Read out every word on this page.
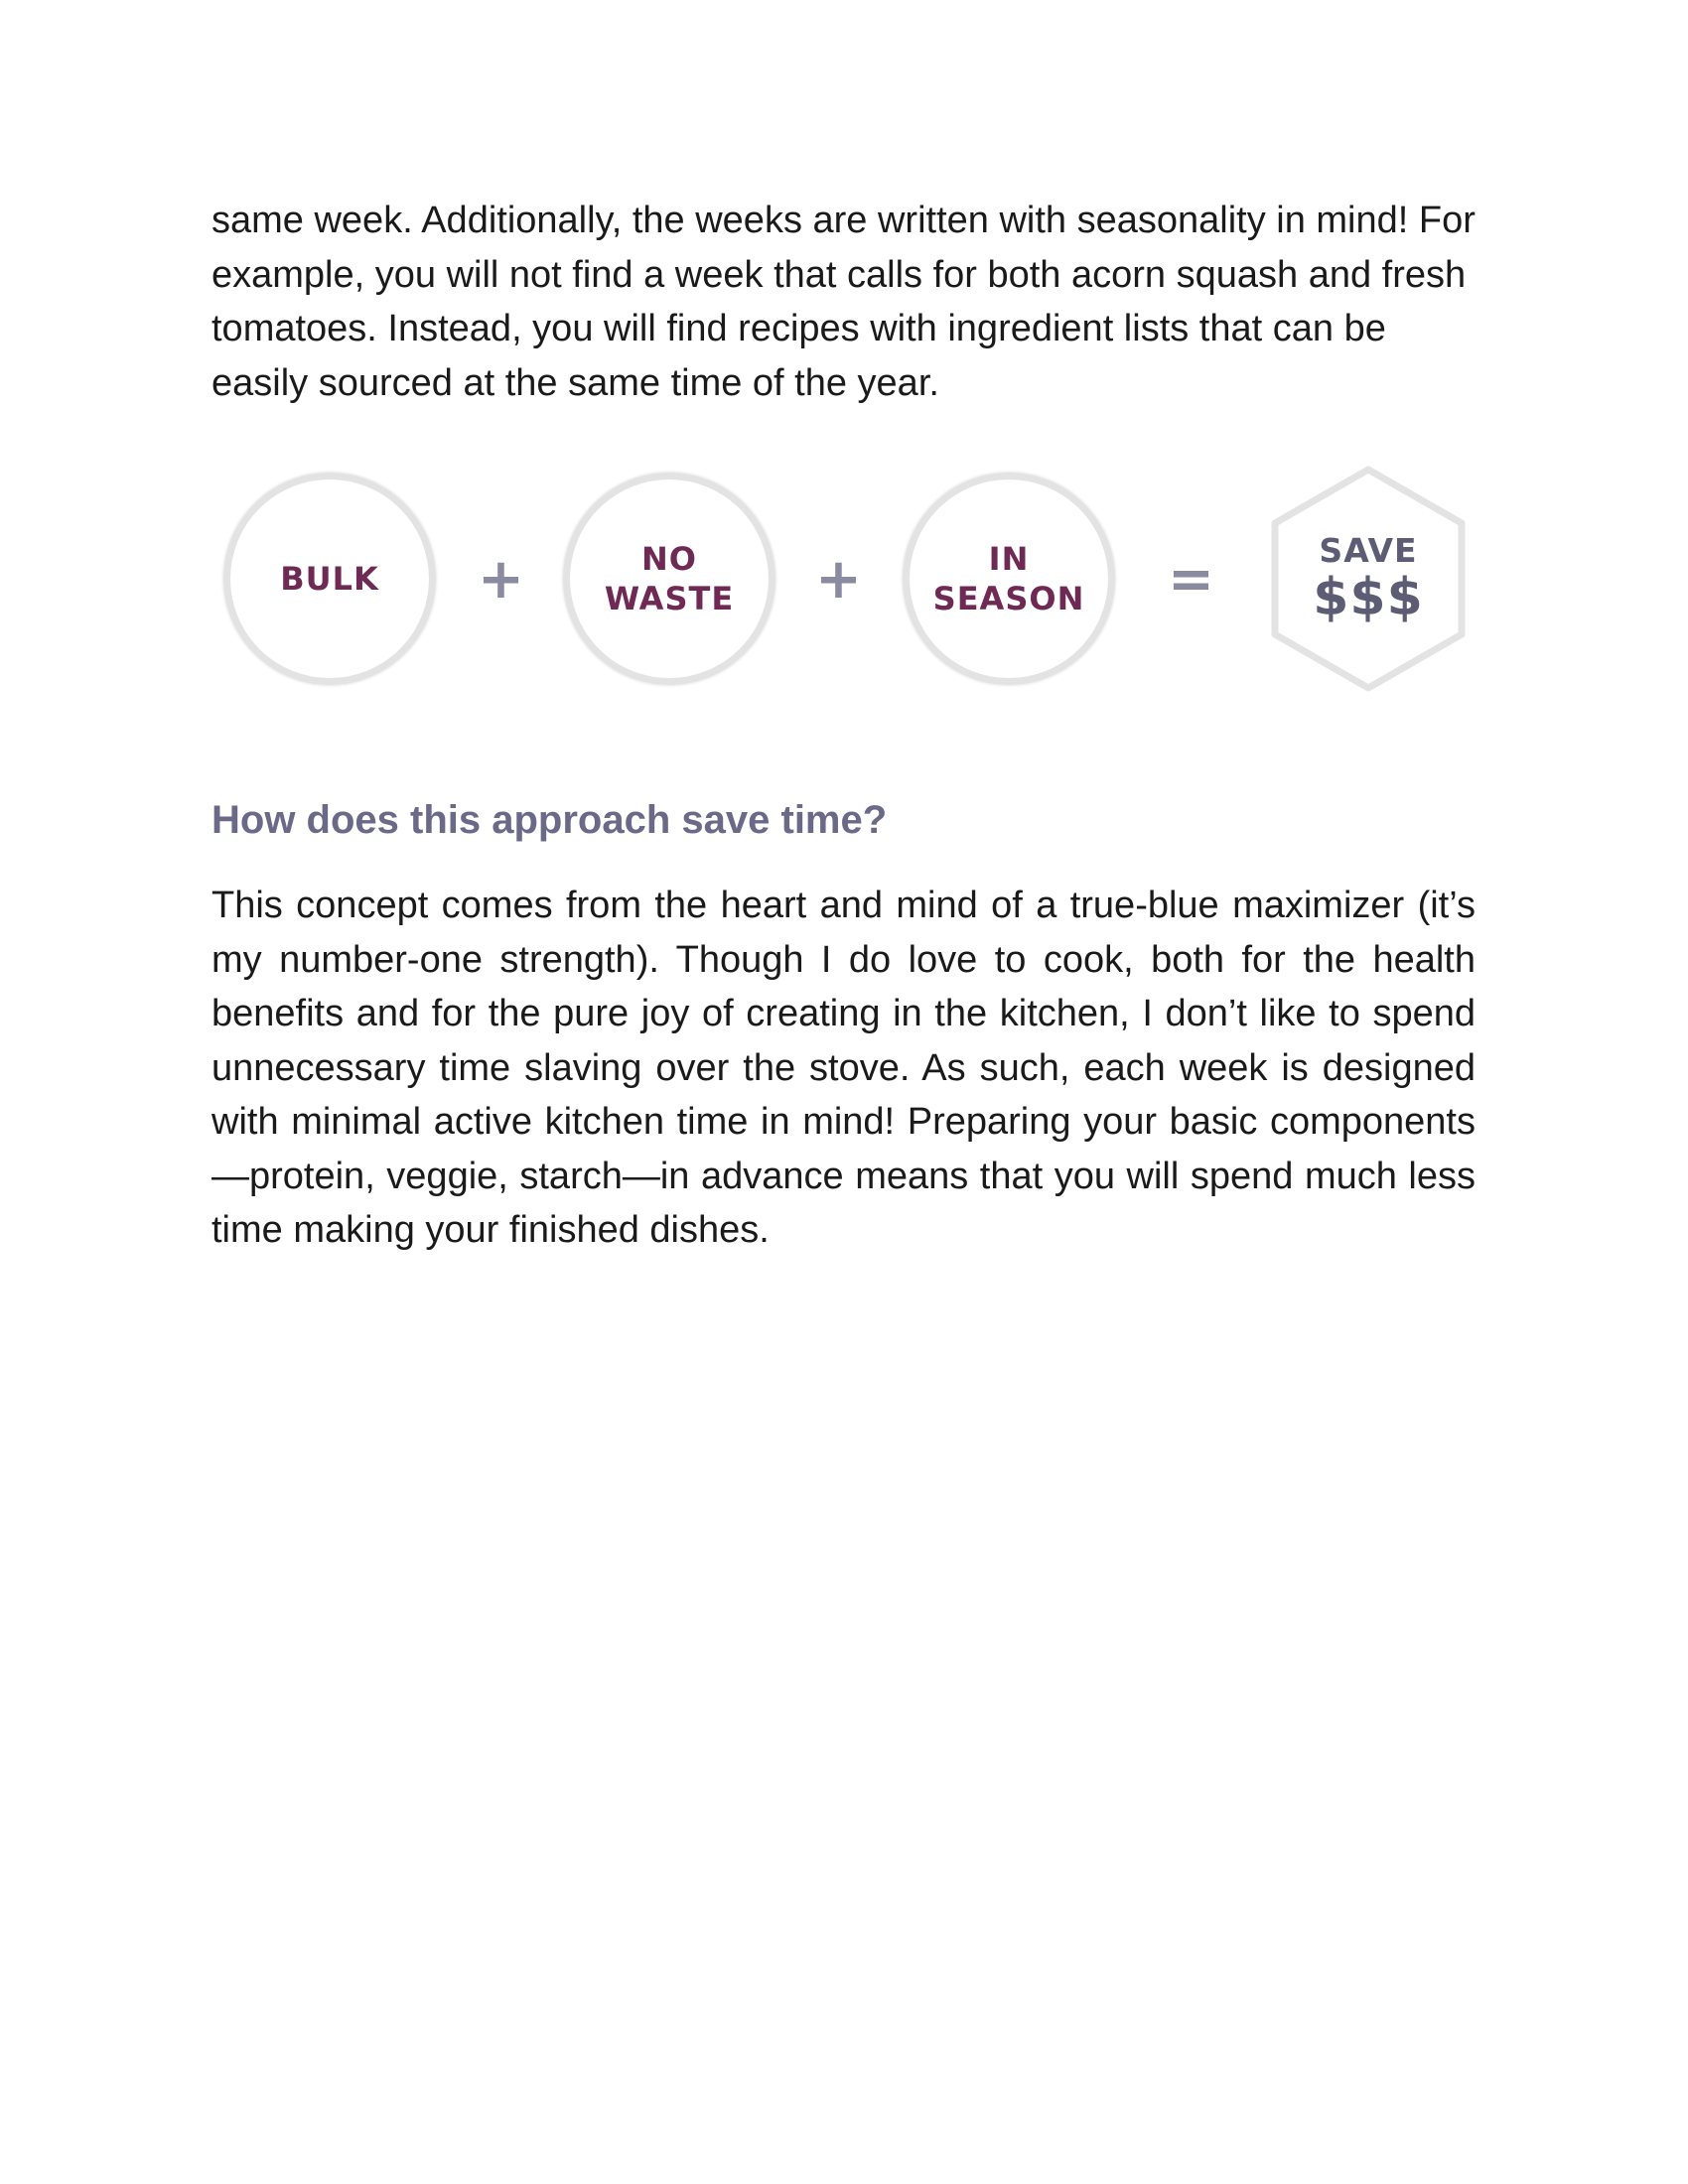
same week. Additionally, the weeks are written with seasonality in mind! For example, you will not find a week that calls for both acorn squash and fresh tomatoes. Instead, you will find recipes with ingredient lists that can be easily sourced at the same time of the year.

BULK +	NO
WASTE +	IN
SEASON =	SAVE
$$$
How does this approach save time?

This concept comes from the heart and mind of a true-blue maximizer (it’s my number-one strength). Though I do love to cook, both for the health benefits and for the pure joy of creating in the kitchen, I don’t like to spend unnecessary time slaving over the stove. As such, each week is designed with minimal active kitchen time in mind! Preparing your basic components—protein, veggie, starch—in advance means that you will spend much less time making your finished dishes.
